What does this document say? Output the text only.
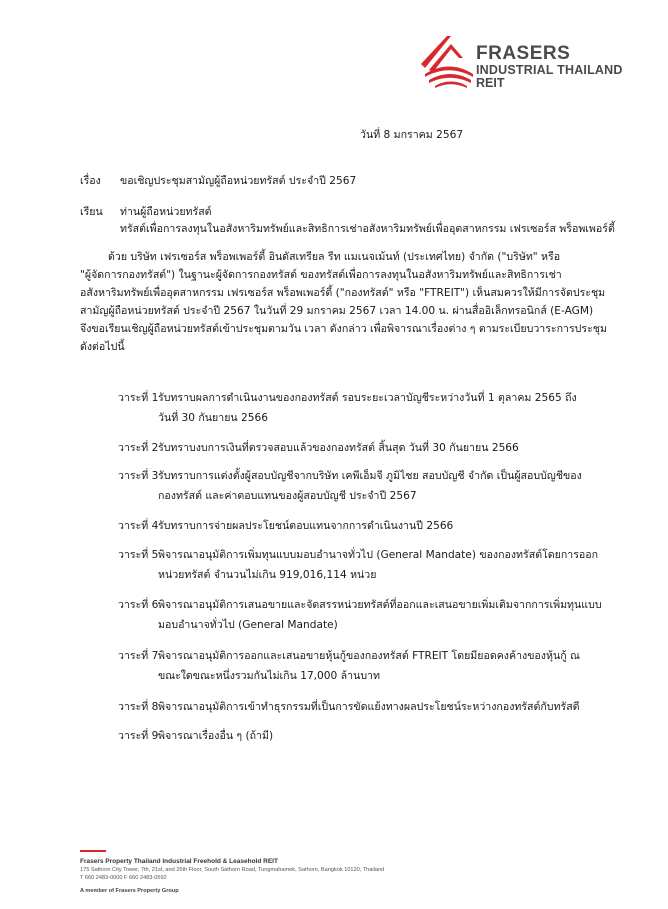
FRASERS
INDUSTRIAL THAILAND
REIT
วันที่ 8 มกราคม 2567
เรื่อง ขอเชิญประชุมสามัญผู้ถือหน่วยทรัสต์ ประจำปี 2567
เรียน ท่านผู้ถือหน่วยทรัสต์
ทรัสต์เพื่อการลงทุนในอสังหาริมทรัพย์และสิทธิการเช่าอสังหาริมทรัพย์เพื่ออุตสาหกรรม เฟรเซอร์ส พร็อพเพอร์ตี้
ด้วย บริษัท เฟรเซอร์ส พร็อพเพอร์ตี้ อินดัสเทรียล รีท แมเนจเม้นท์ (ประเทศไทย) จำกัด ("บริษัท" หรือ
"ผู้จัดการกองทรัสต์") ในฐานะผู้จัดการกองทรัสต์ ของทรัสต์เพื่อการลงทุนในอสังหาริมทรัพย์และสิทธิการเช่า
อสังหาริมทรัพย์เพื่ออุตสาหกรรม เฟรเซอร์ส พร็อพเพอร์ตี้ ("กองทรัสต์" หรือ "FTREIT") เห็นสมควรให้มีการจัดประชุม
สามัญผู้ถือหน่วยทรัสต์ ประจำปี 2567 ในวันที่ 29 มกราคม 2567 เวลา 14.00 น. ผ่านสื่ออิเล็กทรอนิกส์ (E-AGM)
จึงขอเรียนเชิญผู้ถือหน่วยทรัสต์เข้าประชุมตามวัน เวลา ดังกล่าว เพื่อพิจารณาเรื่องต่าง ๆ ตามระเบียบวาระการประชุม
ดังต่อไปนี้
วาระที่ 1 รับทราบผลการดำเนินงานของกองทรัสต์ รอบระยะเวลาบัญชีระหว่างวันที่ 1 ตุลาคม 2565 ถึง
วันที่ 30 กันยายน 2566
วาระที่ 2 รับทราบงบการเงินที่ตรวจสอบแล้วของกองทรัสต์ สิ้นสุด วันที่ 30 กันยายน 2566
วาระที่ 3 รับทราบการแต่งตั้งผู้สอบบัญชีจากบริษัท เคพีเอ็มจี ภูมิไชย สอบบัญชี จำกัด เป็นผู้สอบบัญชีของ
กองทรัสต์ และค่าตอบแทนของผู้สอบบัญชี ประจำปี 2567
วาระที่ 4 รับทราบการจ่ายผลประโยชน์ตอบแทนจากการดำเนินงานปี 2566
วาระที่ 5 พิจารณาอนุมัติการเพิ่มทุนแบบมอบอำนาจทั่วไป (General Mandate) ของกองทรัสต์โดยการออก
หน่วยทรัสต์ จำนวนไม่เกิน 919,016,114 หน่วย
วาระที่ 6 พิจารณาอนุมัติการเสนอขายและจัดสรรหน่วยทรัสต์ที่ออกและเสนอขายเพิ่มเติมจากการเพิ่มทุนแบบ
มอบอำนาจทั่วไป (General Mandate)
วาระที่ 7 พิจารณาอนุมัติการออกและเสนอขายหุ้นกู้ของกองทรัสต์ FTREIT โดยมียอดคงค้างของหุ้นกู้ ณ
ขณะใดขณะหนึ่งรวมกันไม่เกิน 17,000 ล้านบาท
วาระที่ 8 พิจารณาอนุมัติการเข้าทำธุรกรรมที่เป็นการขัดแย้งทางผลประโยชน์ระหว่างกองทรัสต์กับทรัสตี
วาระที่ 9 พิจารณาเรื่องอื่น ๆ (ถ้ามี)
Frasers Property Thailand Industrial Freehold & Leasehold REIT
175 Sathorn City Tower, 7th, 21st, and 26th Floor, South Sathorn Road, Tungmahamek, Sathorn, Bangkok 10120, Thailand
T 660 2483-0000 F 660 2483-0592
A member of Frasers Property Group
